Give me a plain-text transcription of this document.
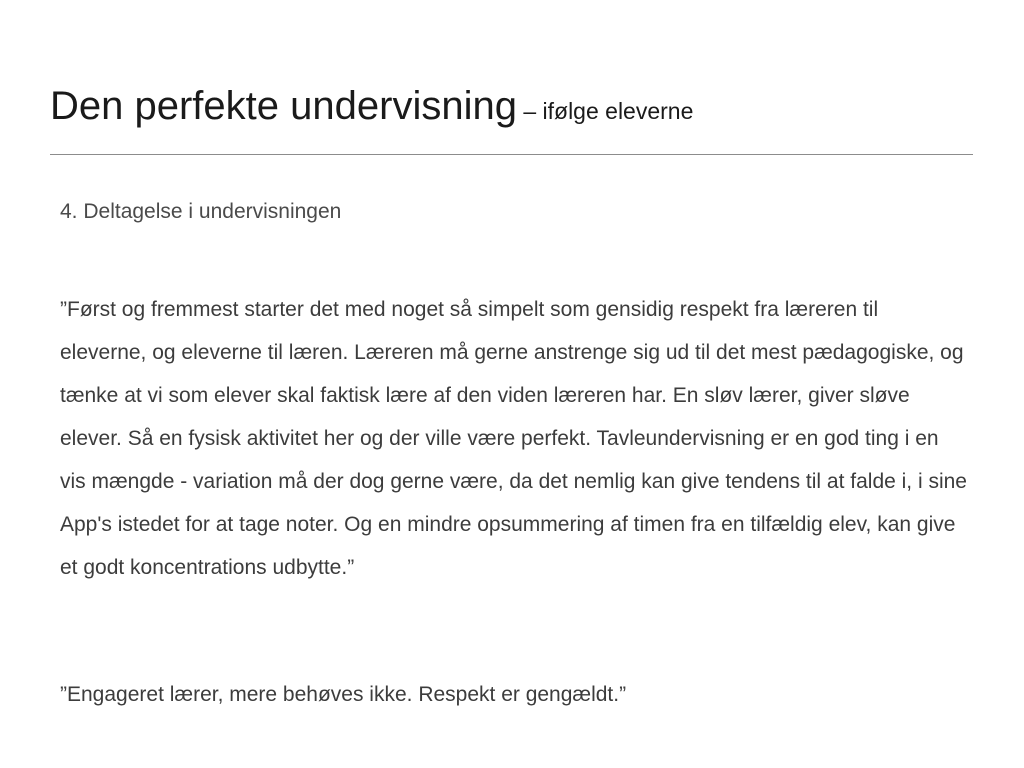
Den perfekte undervisning – ifølge eleverne
4. Deltagelse i undervisningen

”Først og fremmest starter det med noget så simpelt som gensidig respekt fra læreren til eleverne, og eleverne til læren. Læreren må gerne anstrenge sig ud til det mest pædagogiske, og tænke at vi som elever skal faktisk lære af den viden læreren har. En sløv lærer, giver sløve elever. Så en fysisk aktivitet her og der ville være perfekt. Tavleundervisning er en god ting i en vis mængde - variation må der dog gerne være, da det nemlig kan give tendens til at falde i, i sine App's istedet for at tage noter. Og en mindre opsummering af timen fra en tilfældig elev, kan give et godt koncentrations udbytte.”

”Engageret lærer, mere behøves ikke. Respekt er gengældt.”
